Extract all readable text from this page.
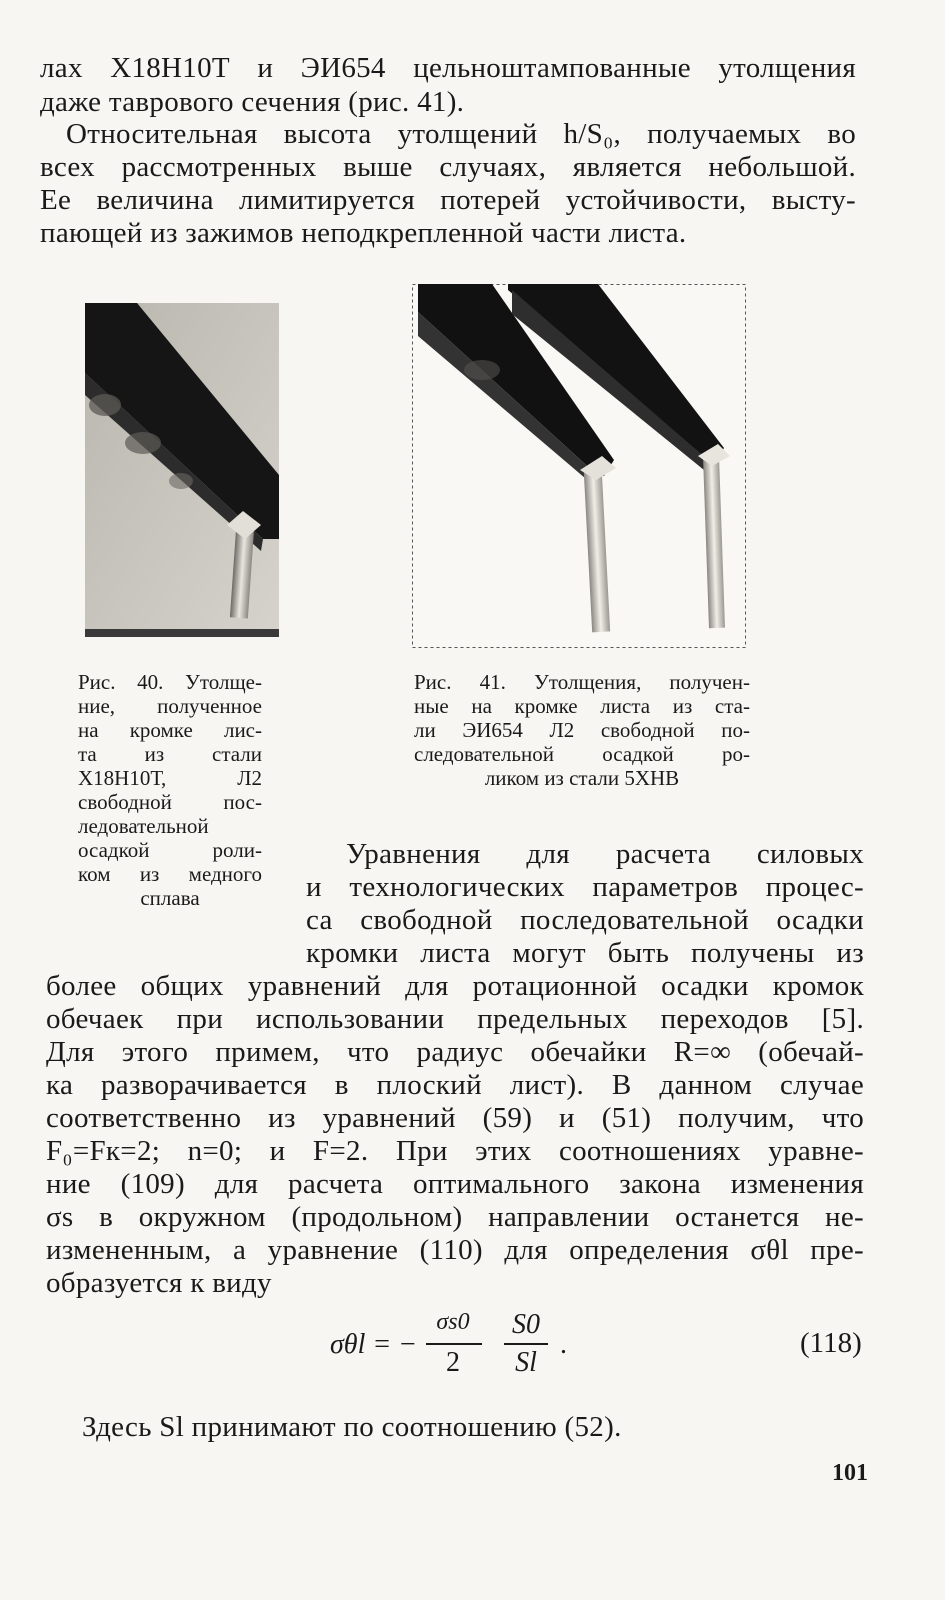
лах Х18Н10Т и ЭИ654 цельноштампованные утолщения
даже таврового сечения (рис. 41).
Относительная высота утолщений h/S₀, получаемых во
всех рассмотренных выше случаях, является небольшой.
Ее величина лимитируется потерей устойчивости, высту-
пающей из зажимов неподкрепленной части листа.
Рис. 40. Утолще-
ние, полученное
на кромке лис-
та из стали
Х18Н10Т, Л2
свободной пос-
ледовательной
осадкой роли-
ком из медного
сплава
Рис. 41. Утолщения, получен-
ные на кромке листа из ста-
ли ЭИ654 Л2 свободной по-
следовательной осадкой ро-
ликом из стали 5ХНВ
Уравнения для расчета силовых
и технологических параметров процес-
са свободной последовательной осадки
кромки листа могут быть получены из
более общих уравнений для ротационной осадки кромок
обечаек при использовании предельных переходов [5].
Для этого примем, что радиус обечайки R=∞ (обечай-
ка разворачивается в плоский лист). В данном случае
соответственно из уравнений (59) и (51) получим, что
F₀=Fк=2; n=0; и F=2. При этих соотношениях уравне-
ние (109) для расчета оптимального закона изменения
σs в окружном (продольном) направлении останется не-
измененным, а уравнение (110) для определения σθl пре-
образуется к виду
σθl = −
σs0
2
S0
Sl
.	(118)
Здесь Sl принимают по соотношению (52).
101
